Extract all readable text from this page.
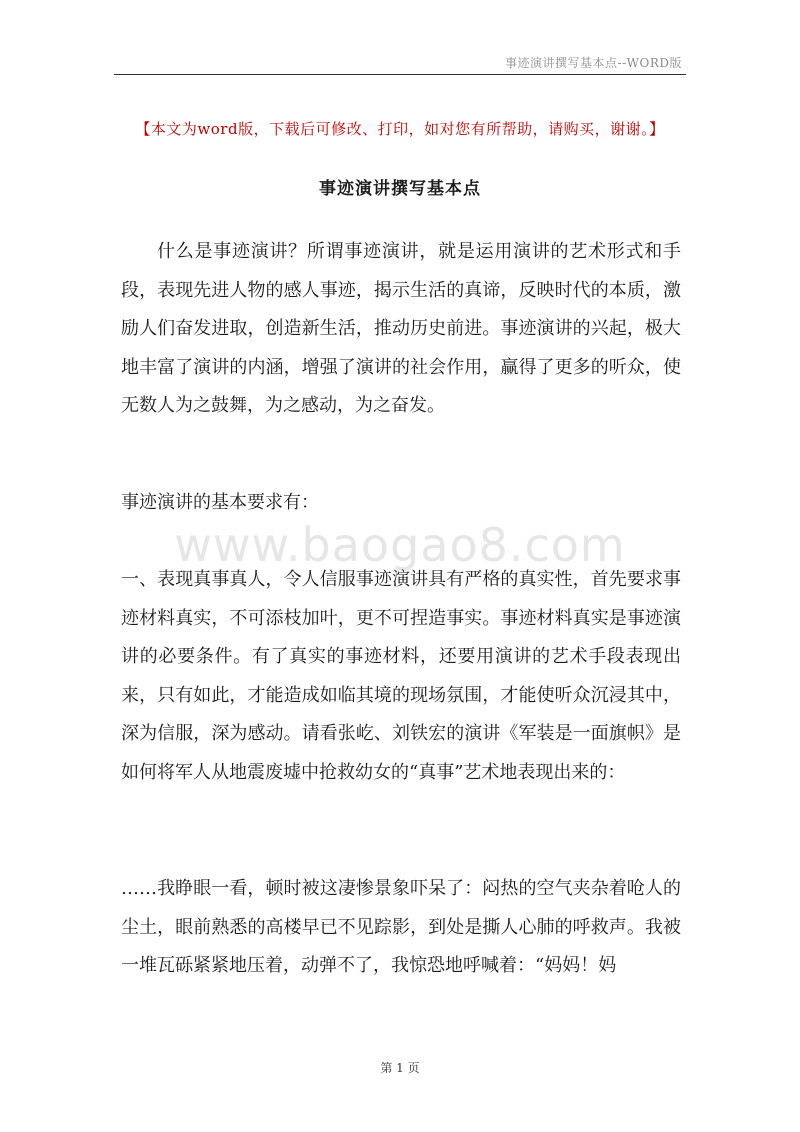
事迹演讲撰写基本点--WORD版
【本文为word版，下载后可修改、打印，如对您有所帮助，请购买，谢谢。】
事迹演讲撰写基本点

什么是事迹演讲？所谓事迹演讲，就是运用演讲的艺术形式和手段，表现先进人物的感人事迹，揭示生活的真谛，反映时代的本质，激励人们奋发进取，创造新生活，推动历史前进。事迹演讲的兴起，极大地丰富了演讲的内涵，增强了演讲的社会作用，赢得了更多的听众，使无数人为之鼓舞，为之感动，为之奋发。

事迹演讲的基本要求有：

www.baogao8.com

一、表现真事真人，令人信服事迹演讲具有严格的真实性，首先要求事迹材料真实，不可添枝加叶，更不可捏造事实。事迹材料真实是事迹演讲的必要条件。有了真实的事迹材料，还要用演讲的艺术手段表现出来，只有如此，才能造成如临其境的现场氛围，才能使听众沉浸其中，深为信服，深为感动。请看张屹、刘铁宏的演讲《军装是一面旗帜》是如何将军人从地震废墟中抢救幼女的“真事”艺术地表现出来的：

……我睁眼一看，顿时被这凄惨景象吓呆了：闷热的空气夹杂着呛人的尘土，眼前熟悉的高楼早已不见踪影，到处是撕人心肺的呼救声。我被一堆瓦砾紧紧地压着，动弹不了，我惊恐地呼喊着：“妈妈！妈

第 1 页
